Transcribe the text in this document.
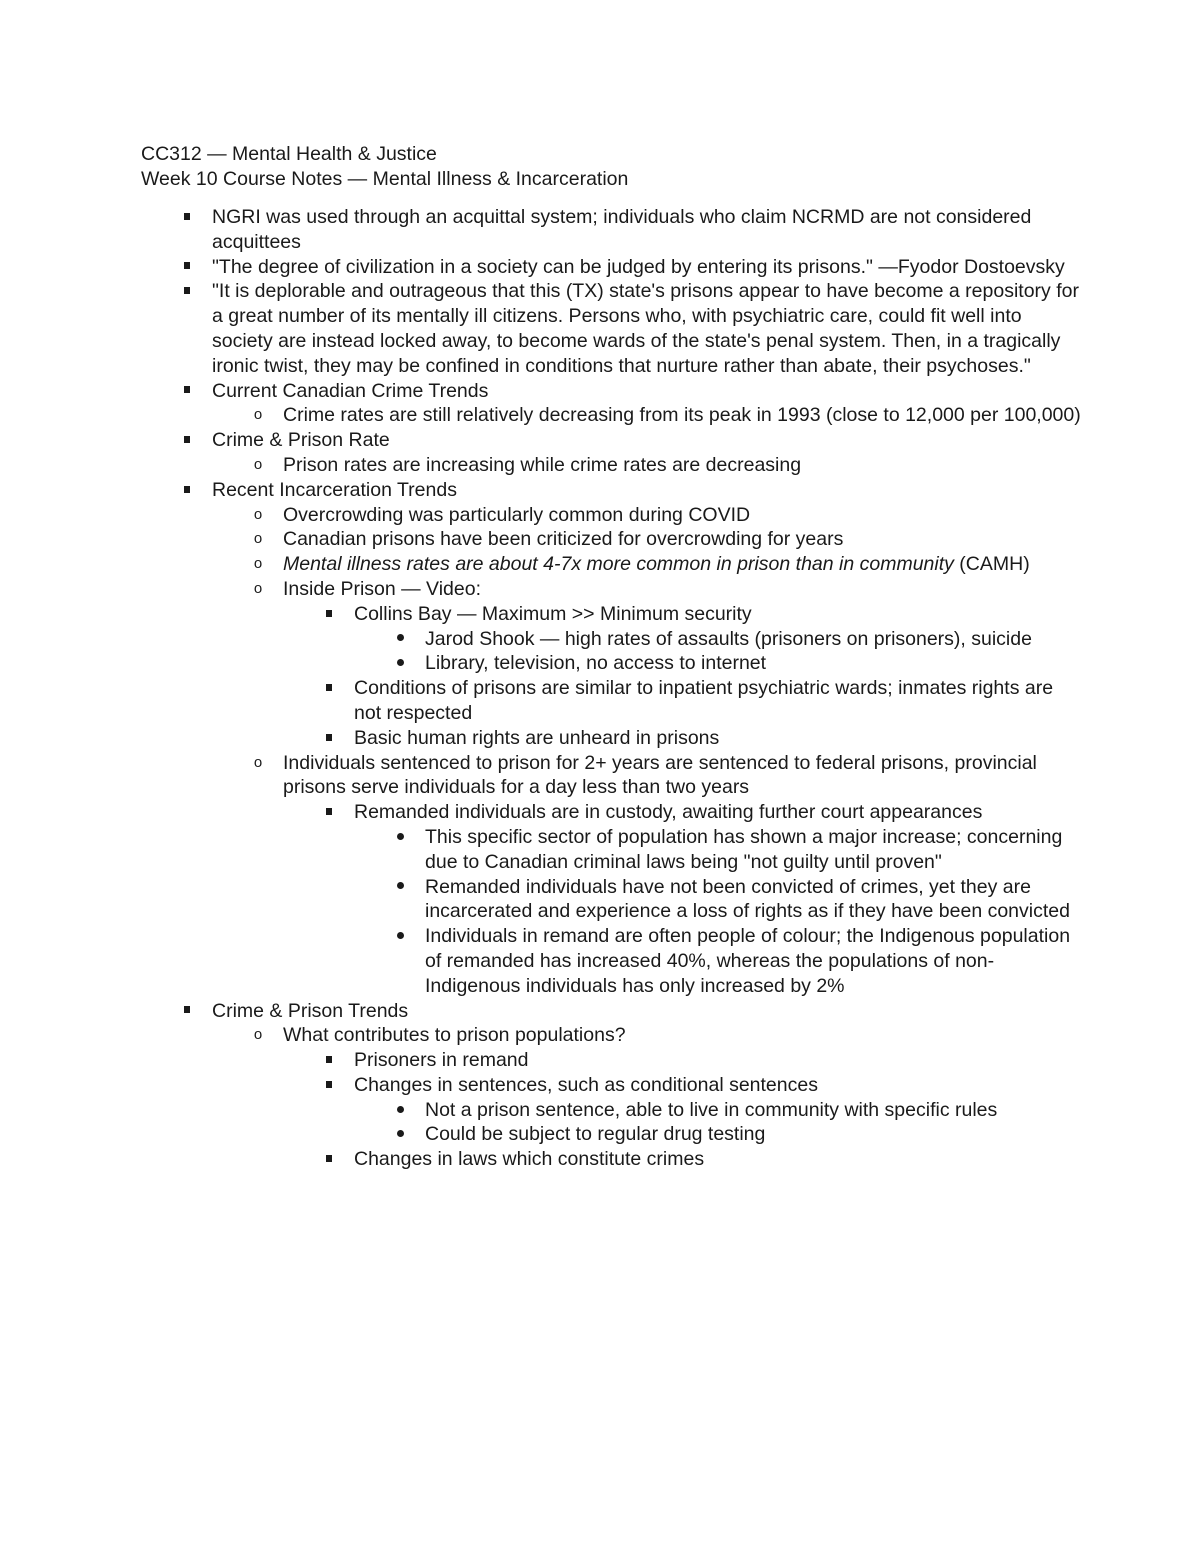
CC312 — Mental Health & Justice

Week 10 Course Notes — Mental Illness & Incarceration

NGRI was used through an acquittal system; individuals who claim NCRMD are not considered acquittees
"The degree of civilization in a society can be judged by entering its prisons." —Fyodor Dostoevsky
"It is deplorable and outrageous that this (TX) state's prisons appear to have become a repository for a great number of its mentally ill citizens. Persons who, with psychiatric care, could fit well into society are instead locked away, to become wards of the state's penal system. Then, in a tragically ironic twist, they may be confined in conditions that nurture rather than abate, their psychoses."
Current Canadian Crime Trends
o Crime rates are still relatively decreasing from its peak in 1993 (close to 12,000 per 100,000)
Crime & Prison Rate
o Prison rates are increasing while crime rates are decreasing
Recent Incarceration Trends
o Overcrowding was particularly common during COVID
o Canadian prisons have been criticized for overcrowding for years
o Mental illness rates are about 4-7x more common in prison than in community (CAMH)
o Inside Prison — Video:
Collins Bay — Maximum >> Minimum security
Jarod Shook — high rates of assaults (prisoners on prisoners), suicide
Library, television, no access to internet
Conditions of prisons are similar to inpatient psychiatric wards; inmates rights are not respected
Basic human rights are unheard in prisons
o Individuals sentenced to prison for 2+ years are sentenced to federal prisons, provincial prisons serve individuals for a day less than two years
Remanded individuals are in custody, awaiting further court appearances
This specific sector of population has shown a major increase; concerning due to Canadian criminal laws being "not guilty until proven"
Remanded individuals have not been convicted of crimes, yet they are incarcerated and experience a loss of rights as if they have been convicted
Individuals in remand are often people of colour; the Indigenous population of remanded has increased 40%, whereas the populations of non-Indigenous individuals has only increased by 2%
Crime & Prison Trends
o What contributes to prison populations?
Prisoners in remand
Changes in sentences, such as conditional sentences
Not a prison sentence, able to live in community with specific rules
Could be subject to regular drug testing
Changes in laws which constitute crimes
